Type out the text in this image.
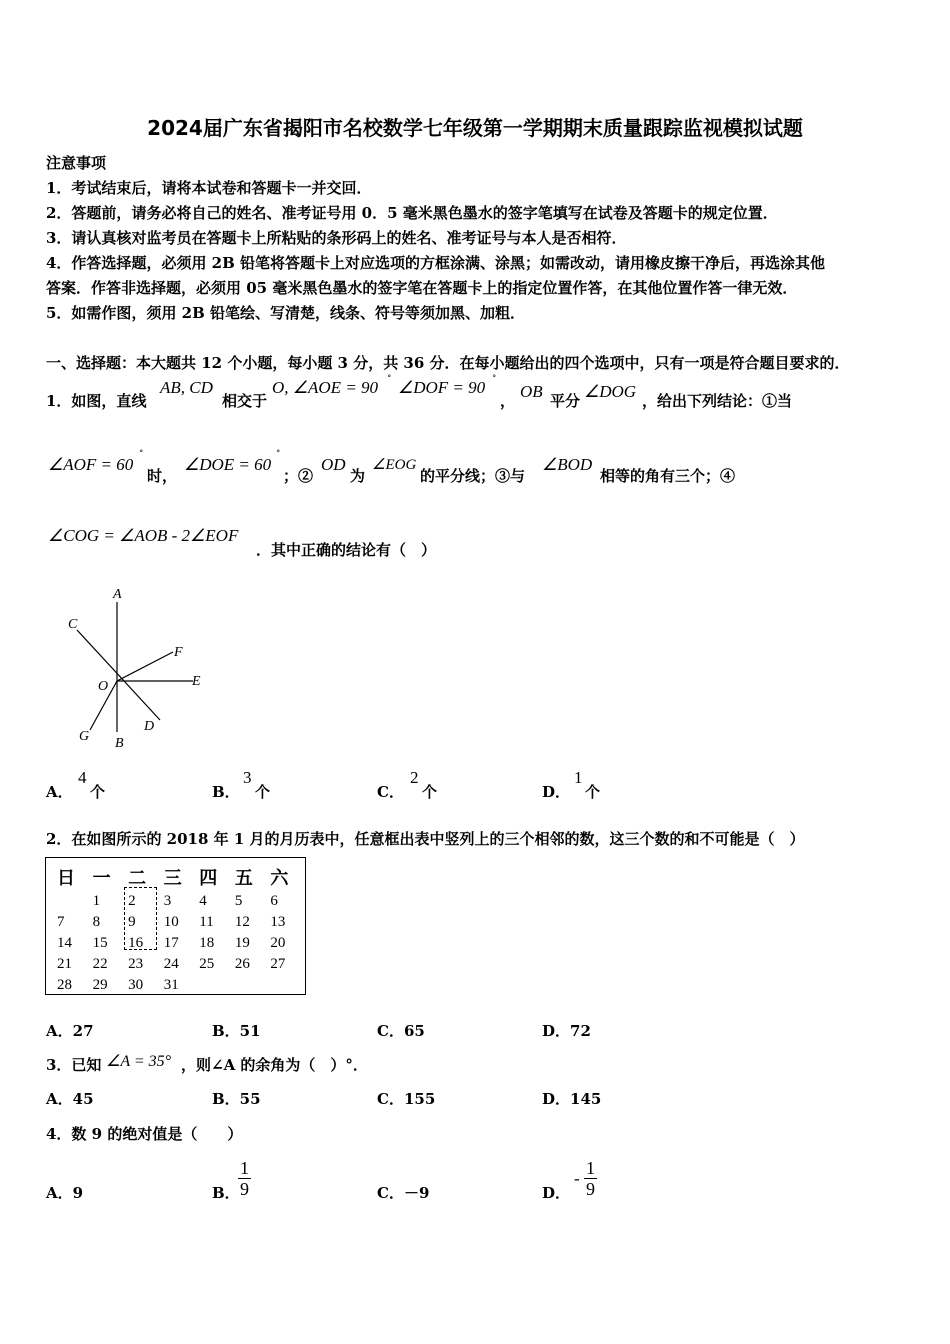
2024届广东省揭阳市名校数学七年级第一学期期末质量跟踪监视模拟试题
注意事项
1．考试结束后，请将本试卷和答题卡一并交回．
2．答题前，请务必将自己的姓名、准考证号用 0．5 毫米黑色墨水的签字笔填写在试卷及答题卡的规定位置．
3．请认真核对监考员在答题卡上所粘贴的条形码上的姓名、准考证号与本人是否相符．
4．作答选择题，必须用 2B 铅笔将答题卡上对应选项的方框涂满、涂黑；如需改动，请用橡皮擦干净后，再选涂其他
答案．作答非选择题，必须用 05 毫米黑色墨水的签字笔在答题卡上的指定位置作答，在其他位置作答一律无效．
5．如需作图，须用 2B 铅笔绘、写清楚，线条、符号等须加黑、加粗．
一、选择题：本大题共 12 个小题，每小题 3 分，共 36 分．在每小题给出的四个选项中，只有一项是符合题目要求的．
1．如图，直线
AB, CD
相交于
O, ∠AOE = 90 ˚ ∠DOF = 90 ˚
， OB 平分 ∠DOG ，给出下列结论：①当
∠AOF = 60 ˚
时，
∠DOE = 60 ˚
；②
OD
为
∠EOG
的平分线；③与
∠BOD
相等的角有三个；④
∠COG = ∠AOB - 2∠EOF
．其中正确的结论有（　）
A
C
F
O	E
G B
D
A．
4
个	B．
3
个	C．
2
个	D．
1
个
2．在如图所示的 2018 年 1 月的月历表中，任意框出表中竖列上的三个相邻的数，这三个数的和不可能是（　）
日	一	二	三	四	五	六
	1	2	3	4	5	6
7	8	9	10	11	12	13
14	15	16	17	18	19	20
21	22	23	24	25	26	27
28	29	30	31			
A．27	B．51	C．65	D．72
3．已知 ∠A = 35° ，则∠A 的余角为（　）°．
A．45	B．55	C．155	D．145
4．数 9 的绝对值是（　　）
A．9	B．
$\frac{1}{9}$	C．－9	D．
- $\frac{1}{9}$
